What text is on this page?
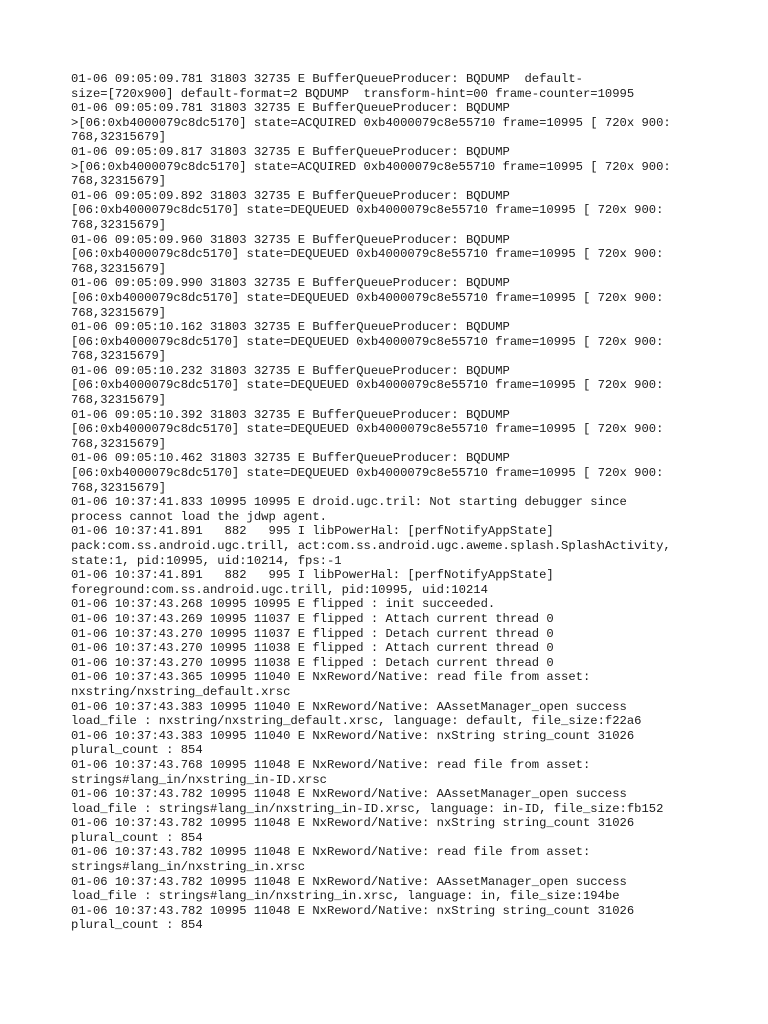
01-06 09:05:09.781 31803 32735 E BufferQueueProducer: BQDUMP  default-
size=[720x900] default-format=2 BQDUMP  transform-hint=00 frame-counter=10995
01-06 09:05:09.781 31803 32735 E BufferQueueProducer: BQDUMP
>[06:0xb4000079c8dc5170] state=ACQUIRED 0xb4000079c8e55710 frame=10995 [ 720x 900:
768,32315679]
01-06 09:05:09.817 31803 32735 E BufferQueueProducer: BQDUMP
>[06:0xb4000079c8dc5170] state=ACQUIRED 0xb4000079c8e55710 frame=10995 [ 720x 900:
768,32315679]
01-06 09:05:09.892 31803 32735 E BufferQueueProducer: BQDUMP
[06:0xb4000079c8dc5170] state=DEQUEUED 0xb4000079c8e55710 frame=10995 [ 720x 900:
768,32315679]
01-06 09:05:09.960 31803 32735 E BufferQueueProducer: BQDUMP
[06:0xb4000079c8dc5170] state=DEQUEUED 0xb4000079c8e55710 frame=10995 [ 720x 900:
768,32315679]
01-06 09:05:09.990 31803 32735 E BufferQueueProducer: BQDUMP
[06:0xb4000079c8dc5170] state=DEQUEUED 0xb4000079c8e55710 frame=10995 [ 720x 900:
768,32315679]
01-06 09:05:10.162 31803 32735 E BufferQueueProducer: BQDUMP
[06:0xb4000079c8dc5170] state=DEQUEUED 0xb4000079c8e55710 frame=10995 [ 720x 900:
768,32315679]
01-06 09:05:10.232 31803 32735 E BufferQueueProducer: BQDUMP
[06:0xb4000079c8dc5170] state=DEQUEUED 0xb4000079c8e55710 frame=10995 [ 720x 900:
768,32315679]
01-06 09:05:10.392 31803 32735 E BufferQueueProducer: BQDUMP
[06:0xb4000079c8dc5170] state=DEQUEUED 0xb4000079c8e55710 frame=10995 [ 720x 900:
768,32315679]
01-06 09:05:10.462 31803 32735 E BufferQueueProducer: BQDUMP
[06:0xb4000079c8dc5170] state=DEQUEUED 0xb4000079c8e55710 frame=10995 [ 720x 900:
768,32315679]
01-06 10:37:41.833 10995 10995 E droid.ugc.tril: Not starting debugger since
process cannot load the jdwp agent.
01-06 10:37:41.891   882   995 I libPowerHal: [perfNotifyAppState]
pack:com.ss.android.ugc.trill, act:com.ss.android.ugc.aweme.splash.SplashActivity,
state:1, pid:10995, uid:10214, fps:-1
01-06 10:37:41.891   882   995 I libPowerHal: [perfNotifyAppState]
foreground:com.ss.android.ugc.trill, pid:10995, uid:10214
01-06 10:37:43.268 10995 10995 E flipped : init succeeded.
01-06 10:37:43.269 10995 11037 E flipped : Attach current thread 0
01-06 10:37:43.270 10995 11037 E flipped : Detach current thread 0
01-06 10:37:43.270 10995 11038 E flipped : Attach current thread 0
01-06 10:37:43.270 10995 11038 E flipped : Detach current thread 0
01-06 10:37:43.365 10995 11040 E NxReword/Native: read file from asset:
nxstring/nxstring_default.xrsc
01-06 10:37:43.383 10995 11040 E NxReword/Native: AAssetManager_open success
load_file : nxstring/nxstring_default.xrsc, language: default, file_size:f22a6
01-06 10:37:43.383 10995 11040 E NxReword/Native: nxString string_count 31026
plural_count : 854
01-06 10:37:43.768 10995 11048 E NxReword/Native: read file from asset:
strings#lang_in/nxstring_in-ID.xrsc
01-06 10:37:43.782 10995 11048 E NxReword/Native: AAssetManager_open success
load_file : strings#lang_in/nxstring_in-ID.xrsc, language: in-ID, file_size:fb152
01-06 10:37:43.782 10995 11048 E NxReword/Native: nxString string_count 31026
plural_count : 854
01-06 10:37:43.782 10995 11048 E NxReword/Native: read file from asset:
strings#lang_in/nxstring_in.xrsc
01-06 10:37:43.782 10995 11048 E NxReword/Native: AAssetManager_open success
load_file : strings#lang_in/nxstring_in.xrsc, language: in, file_size:194be
01-06 10:37:43.782 10995 11048 E NxReword/Native: nxString string_count 31026
plural_count : 854
